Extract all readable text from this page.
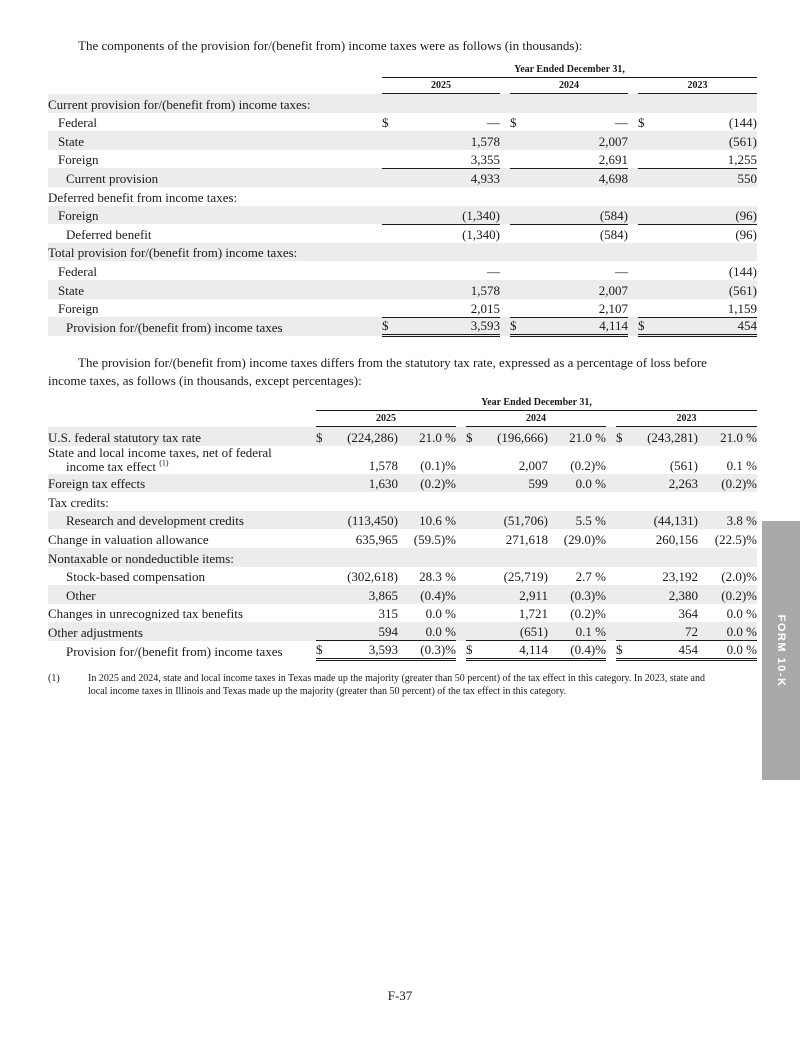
The components of the provision for/(benefit from) income taxes were as follows (in thousands):
Year Ended December 31,
2025	2024	2023
Current provision for/(benefit from) income taxes:								
Federal	$	—		$	—		$	(144)
State		1,578			2,007			(561)
Foreign		3,355			2,691			1,255
Current provision		4,933			4,698			550
Deferred benefit from income taxes:								
Foreign		(1,340)			(584)			(96)
Deferred benefit		(1,340)			(584)			(96)
Total provision for/(benefit from) income taxes:								
Federal		—			—			(144)
State		1,578			2,007			(561)
Foreign		2,015			2,107			1,159
Provision for/(benefit from) income taxes	$	3,593		$	4,114		$	454
The provision for/(benefit from) income taxes differs from the statutory tax rate, expressed as a percentage of loss before
income taxes, as follows (in thousands, except percentages):
Year Ended December 31,
2025	2024	2023
U.S. federal statutory tax rate	$	(224,286)	21.0 %		$	(196,666)	21.0 %		$	(243,281)	21.0 %

State and local income taxes, net of federal
income tax effect $^{(1)}$		1,578	(0.1)%			2,007	(0.2)%			(561)	0.1 %

Foreign tax effects		1,630	(0.2)%			599	0.0 %			2,263	(0.2)%

Tax credits:											

Research and development credits		(113,450)	10.6 %			(51,706)	5.5 %			(44,131)	3.8 %

Change in valuation allowance		635,965	(59.5)%			271,618	(29.0)%			260,156	(22.5)%

Nontaxable or nondeductible items:											

Stock-based compensation		(302,618)	28.3 %			(25,719)	2.7 %			23,192	(2.0)%

Other		3,865	(0.4)%			2,911	(0.3)%			2,380	(0.2)%

Changes in unrecognized tax benefits		315	0.0 %			1,721	(0.2)%			364	0.0 %

Other adjustments		594	0.0 %			(651)	0.1 %			72	0.0 %

Provision for/(benefit from) income taxes	$	3,593	(0.3)%		$	4,114	(0.4)%		$	454	0.0 %
(1)	In 2025 and 2024, state and local income taxes in Texas made up the majority (greater than 50 percent) of the tax effect in this category. In 2023, state and
local income taxes in Illinois and Texas made up the majority (greater than 50 percent) of the tax effect in this category.
FORM 10-K
F-37
